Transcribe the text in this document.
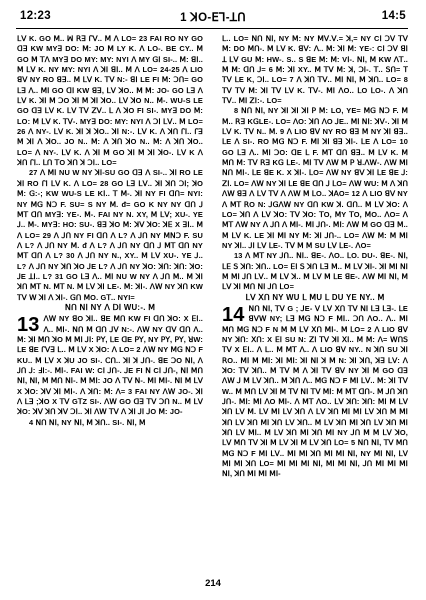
12:23	1 ꓘO-ꓰꓶ-ꓕꓵ	14:5

ꓡꓦ K. GO ꓟ.. ꟽ ꓣꓱ ꓩꓦ.. ꓟ ꓥ LO= 23 FAI RO NY GO ꓷꓱ KW MYꓱ DO: ꓟ: JO ꓟ LY K. ꓥ LO-. BE CY.. ꓟ GO ꓟ ꓔꓥ MYꓱ DO MY: MY: NYI ꓥ MY ꓖꓲ SI-.. ꓟ: ꓭꓲ.. ꓟ ꓡꓦ K. NY MY: NYI ꓥ ꓘꓲ ꓭꓲ.. ꓟ ꓥ LO= 24-25 ꓥ LIO ꓭꓦ NY RO ꓭꓱ.. ꓟ ꓡꓦ K. ꓔꓦ N:- ꓭꓲ LE FI ꓟ: ꓛꓵ= GO ꓡꓱ ꓥ.. ꓟꓲ GO ꓷꓲ KW ꓭꓱ, ꓡꓦ ꓘO.. ꓟ ꓟ: JO- GO ꓡꓱ ꓥ ꓡꓦ K. ꓘꓲ ꓟ ꓛO ꓘꓲ ꓟ ꓘꓲ ꓘO.. ꓡꓦ ꓘO N.. ꓟ-. WU-S LE GO ꓷꓱ ꓡꓦ K. ꓡꓦ ꓔꓦ ꓜꓦ.. ꓡ ꓥ ꓘO FI SI-. MYꓱ DO ꓟ: LO: ꓟ ꓡꓦ K. ꓔꓦ-. MYꓱ DO: MY: NYI ꓥ ꓛꓲ ꓡꓦ.. ꓟ LO= 26 ꓥ NY-. ꓡꓦ K. ꓘꓲ ꓘ ꓘO.. ꓘꓲ N:-. ꓡꓦ K. ꓥ ꓘꓵ ꓩꓲ.. ꓩꓱ ꓟ ꓘꓲ ꓥ ꓘO.. JO N.. ꓟ: ꓥ ꓘꓵ ꓘO N.. ꓟ: ꓥ ꓘꓵ ꓘO.. LO= ꓥ NY-. ꓡꓦ K. ꓥ ꓘꓲ ꓟ GO ꓘꓲ ꓟ ꓘꓲ ꓘO-. ꓡꓦ K ꓥ ꓘꓵ ꓩꓲ.. ꓡꓵ ꓔO ꓘꓵ ꓘ ꓛꓲ.. LO=

27 ꓥ ꓟꓲ NU W NY ꓘꓲ-SU GO ꓷꓱ ꓥ SI-.. ꓘꓲ RO LE ꓘꓲ RO ꓩꓲ ꓡꓦ K. ꓥ LO= 28 GO ꓡꓱ ꓡꓦ.. ꓘꓲ ꓘꓵ ꓛꓲ; ꓘO ꓟ: ꓖ:-; KW WU-S LE Kꓲ.. ꓔ ꓟ-. ꓘꓲ NY FI ꓷꓵ= NYI: NY ꓟꓖ ꓠꓛ F. SU= S NY ꓟ. ᵭ= GO K NY NY ꓷꓵ ꓙ ꓟꓔ ꓷꓵ MYꓱ: YE-. ꓟ-. FAI NY N. XY, ꓟ ꓡꓦ; XU-. YE ꓙ.. ꓟ-. MYꓱ: HO: SU-. ꓭꓱ ꓘO ꓟ: ꓘꓦ ꓘO: ꓘꓰ X ꓱꓲ.. ꓟ ꓥ LO= 29 ꓥ ꓙꓵ NY FI ꓷꓵ ꓥ L? ꓥ ꓙꓵ NY ꓟꓠꓛ F. SU ꓥ L? ꓥ ꓙꓵ NY ꓟ. ᵭ ꓥ L? ꓥ ꓙꓵ NY ꓷꓵ ꓙ ꓟꓔ ꓷꓵ NY ꓟꓔ ꓷꓵ ꓥ L? 30 ꓥ ꓙꓵ NY N., XY.. ꓟ ꓡꓦ XU-. YE ꓙ.. L? ꓥ ꓙꓵ NY ꓘꓵ ꓘO ꓙE L? ꓥ ꓙꓵ NY ꓘO: ꓘꓵ: ꓘꓵ: ꓘO: ꓙE ꓕꓲ.. L? 31 GO ꓡꓱ ꓥ.. ꓟꓲ NU W NY ꓥ ꓙꓵ ꓟ.. ꓟ ꓘꓲ ꓘꓵ ꓟꓔ N. ꓟꓔ N. ꓟ ꓡꓦ ꓘꓲ LE-. ꓟ: ꓘꓲ-. ꓥꓪ NY ꓘꓵ KW ꓔꓦ ꓪ ꓘꓲ ꓥ ꓘꓲ-. ꓖꓵ ꓟO. Gꓔ.. NYI=

ꓠꓵ ꓠꓲ NY ꓥ ꓓꓲ WU:-. ꓟ

13 ꓥꓪ NY ꓭO ꓘꓲ.. ꓭE ꓟꓵ KW FI ꓷꓵ ꓘO: X ꓰꓲ.. ꓥ.. ꓟꓲ-. ꓠꓵ ꓟ ꓷꓵ ꓙꓦ N:-. ꓥꓪ NY ꓷꓦ ꓷꓵ ꓥ.. ꓟ: ꓘꓲ ꓟꓵ ꓘO ꓟ ꓟꓲ ꓙꓲ: ꓑꓬ, ꓡE ꓷE ꓑꓬ, NY ꓑꓬ, ꓑꓬ, ꓤW: ꓡE ꓭE ꓩꓦꓱ ꓡ.. ꓟ ꓡꓦ X ꓘO: ꓥ LO= 2 ꓥꓪ NY ꓟꓖ ꓠꓛ F KU.. ꓟ ꓡꓦ X ꓘU JO SI-. ꓚꓵ.. ꓘꓲ ꓘ ꓙꓵ-. ꓭE ꓛO ꓠꓲ, ꓥ ꓙꓵ ꓙ: ꓞꓲ:-. ꓟꓲ-. FAI W: Cꓲ ꓙꓵ-. ꓙE FI ꓠ Cꓲ ꓙꓵ-, ꓠꓲ ꓟꓵ ꓠꓲ, ꓠꓲ, ꓟ ꓟꓵ ꓠꓲ-. ꓟ ꓟꓲ: JO ꓥ ꓔꓦ ꓠ-. ꓟꓲ ꓟꓲ-. ꓠꓲ ꓟ ꓡꓦ X ꓘO: ꓘꓦ ꓘꓲ ꓟꓲ-. ꓥ ꓘꓵ: ꓟ: ꓥ= 3 FAI NY ꓥꓪ JO-. ꓘꓲ ꓥ ꓡꓱ ;ꓘO X ꓔꓦ GꓔZ SI-. ꓥꓪ GO ꓷꓱ ꓔꓦ ꓛꓵ N.. ꓟ ꓡꓦ ꓘO: ꓘꓦ ꓘꓵ ꓘꓦ ꓛꓲ.. ꓘꓲ ꓥꓪ ꓔꓦ ꓥ ꓘꓲ ꓙꓲ ꓙO ꓟ: JO-

4 ꓠꓵ ꓠꓲ, NY ꓠꓲ, ꓟ ꓘꓵ.. SI-. ꓠꓲ, ꓟ

ꓡ.. LO= ꓠꓵ ꓠꓲ, NY ꓟ: NY ꓟꓦ.ꓦ.= ꓘ,= NY Cꓲ ꓛꓦ ꓔꓦ ꓟ: DO ꓟꓵ-. ꓟ ꓡꓦ K. ꓭꓦ: ꓥ.. ꓟ: ꓘꓲ ꓟ: YE-: Cꓲ ꓛꓦ ꓭꓲ ꓕ ꓡꓦ GU ꓟ: HW-. S.. S ꓭE ꓟ: ꓟ: Vꓲ-. ꓠꓲ, ꓟ KW ꓥꓔ.. ꓟ ꓟ: ꓷꓵ ꓙ= 6 ꓟ: ꓘꓲ XY.. ꓟ ꓔꓦ ꓟ: ꓘ, ꓛꓲ-. ꓔ.. ꓢꓵ= ꓔ ꓔꓦ ꓡE K, ꓛꓲ.. LO= 7 ꓥ ꓘꓵ ꓔꓦ.. ꓟꓲ ꓠꓲ, ꓟ ꓘꓵ.. LO= 8 ꓔꓦ ꓔꓦ ꓟ: ꓘꓲ ꓔꓦ ꓡꓦ K. ꓔꓦ-. ꓟꓲ ꓥO.. ꓡO ꓡO-. ꓥ ꓘꓵ ꓔꓦ.. ꓟꓲ ꓜꓲ:-. LO=

8 ꓠꓵ ꓠꓲ, NY ꓘꓲ ꓘꓲ ꓘꓲ ꓑ ꓟ: LO, YE= ꓟꓖ ꓠꓛ F. ꓟ ꓟ.. ꓣꓱ KꓖLE-. LO= ꓥO: ꓘꓵ ꓥO ꓙE.. ꓟꓲ ꓠꓲ: ꓘꓦ-. ꓘꓲ ꓟ ꓡꓦ K. ꓔꓦ N.. ꓟ. 9 ꓥ LIO ꓭꓦ NY RO ꓭꓱ ꓟ NY ꓘꓲ ꓭꓱ.. ꓡE ꓥ SI-. RO ꓟꓖ ꓠꓛ F. ꓟꓲ ꓘꓲ ꓭꓱ ꓘꓲ-. ꓡE ꓥ LO= 10 GO ꓡꓱ ꓥ.. ꓟꓲ ꓛO: ꓷE ꓡ F. ꓟꓔ ꓷꓵ ꓭꓱ.. ꓟ ꓡꓦ K. ꓟ ꓟꓵ ꓟ: ꓔꓦ ꓣꓱ Kꓖ ꓡE-. ꓟꓲ ꓔꓦ ꓥꓪ ꓟ ꓑ ꓤ.ꓥꓪ-. ꓥꓪ ꓟꓲ ꓠꓵ ꓟꓲ-. ꓡE ꓭE K. X ꓘꓲ-. ꓡO= ꓥꓪ NY ꓭꓦ ꓘꓲ ꓡE ꓭE ꓙ: ꓜꓲ. LO= ꓥꓪ NY ꓘꓲ ꓡE ꓭE ꓷꓵ ꓙ ꓡO= ꓥꓪ WU: ꓟ ꓥ ꓘꓵ ꓥꓪ ꓭꓱ ꓥ ꓡꓦ ꓔꓦ ꓥ ꓥꓪ ꓟ ꓡO.. ꓘꓮO= 12 ꓥ LIO ꓭꓦ NY ꓥ ꓟꓔ ꓣO N: ꓙꓖꓥꓪ NY ꓷꓵ KW ꓘ. ꓷꓵ.. ꓟ ꓡꓦ ꓘO: ꓥ LO= ꓘꓵ ꓥ ꓡꓦ ꓘO: ꓔꓦ ꓘO: ꓔO, ꓟY ꓔO, ꓟO.. ꓥO= ꓥ ꓟꓔ ꓥꓪ NY ꓥ ꓙꓵ ꓥ ꓟꓲ-. ꓟꓲ ꓙꓵ-. ꓟꓲ: ꓥꓪ ꓟ GO ꓷꓱ ꓟ.. ꓟ ꓡꓦ K. LE ꓘꓲ ꓟꓲ NY ꓟ: ꓘꓲ ꓙꓵ-.. LO= ꓥꓪ ꓟ: ꓟ ꓟꓲ NY ꓘꓲ.. ꓙꓲ ꓡꓦ ꓡE-. ꓔꓦ ꓟ ꓟ SU ꓡꓦ ꓡE-. ꓥO=

13 ꓥ ꓟꓔ NY ꓙꓵ.. ꓠꓲ.. ꓭE-. ꓥO.. ꓡO. DU-. ꓭE-. ꓠꓲ, ꓡꓰ ꓢ ꓘꓵ: ꓘꓵ.. LO= ꓰꓲ ꓢ ꓘꓵ ꓡꓱ ꓟ.. ꓟ ꓡꓦ ꓘꓲ-. ꓘꓲ ꓟꓲ ꓠꓲ ꓟ ꓟꓲ ꓙꓵ ꓡꓦ.. ꓟ ꓡꓦ ꓘ.. ꓟ ꓡꓦ ꓟ ꓡE ꓭE-. ꓥꓪ ꓟꓲ ꓠꓲ, ꓟ ꓡꓦ ꓘꓲ ꓟꓵ ꓠꓲ ꓙꓵ ꓡO=

ꓡꓦ ꓫꓵ NY WU ꓡ ꓟU ꓡ DU YE NY.. ꓟ

14 ꓠꓵ ꓠꓲ, ꓔꓦ G ; ꓙE- ꓦ ꓡꓦ ꓫꓵ ꓔꓦ ꓠꓲ ꓡꓱ ꓡꓱ-. ꓡE ꓭꓦꓪ NY; ꓡꓱ ꓟꓖ ꓠꓛ F ꓟꓲ.. ꓛꓵ ꓥO.. ꓥ.. ꓟꓲ ꓟꓵ ꓟꓖ ꓠꓛ F N ꓟ ꓟ ꓡꓦ ꓫꓵ ꓟꓲ-. ꓟ ꓡO= 2 ꓥ LIO ꓭꓦ NY ꓘꓵ: ꓫꓵ: X ꓰꓲ SU N: ꓜꓲ ꓔꓦ ꓘꓲ ꓫꓲ.. ꓟ ꓟ: ꓥ= ꓪꓵꓢ ꓔꓦ X ꓰꓲ.. ꓥ ꓡ.. ꓟ ꓟꓔ ꓥ.. ꓥ LIO ꓭꓦ NY.. N ꓘꓵ SU ꓘꓲ ꓣO.. ꓟꓲ ꓟ ꓟꓲ: ꓘꓲ ꓟꓲ: ꓘꓲ ꓠꓲ ꓘ ꓟ N: ꓘꓲ ꓘꓵ, ꓘꓱ ꓡꓦ: ꓥ ꓘO: ꓔꓦ ꓘꓵ.. ꓟ ꓔꓦ ꓟ ꓥ ꓘꓲ ꓔꓦ ꓭꓦ NY ꓘꓲ ꓟ GO ꓷꓱ ꓥꓪ ꓙ ꓟ ꓡꓦ ꓘꓵ.. ꓟ ꓘꓵ ꓥ.. ꓟꓖ ꓠꓛ F ꓟꓲ ꓡꓦ.. ꓟ: ꓘꓲ ꓔꓦ W.. ꓟ ꓟꓵ ꓡꓦ ꓘꓲ ꓟ ꓔꓦ ꓠꓲ ꓔꓦ ꓟꓲ: ꓟ ꓟꓔ ꓷꓵ-. ꓟ ꓙꓵ ꓘꓵ ꓙꓵ-. ꓟꓲ: ꓟꓲ ꓥO ꓟꓲ-. ꓥ ꓟꓔ ꓥO.. ꓡꓦ ꓘꓵ: ꓘꓵ: ꓟꓲ ꓟ ꓡꓦ ꓘꓵ ꓡꓦ ꓟ. ꓡꓦ ꓟꓲ ꓡꓦ ꓘꓵ ꓥ ꓡꓦ ꓘꓵ ꓟꓲ ꓟꓲ ꓡꓦ ꓘꓵ ꓟ ꓟꓲ ꓘꓵ ꓡꓦ ꓘꓵ ꓟꓲ ꓘꓵ ꓡꓦ ꓘꓵ.. ꓟ ꓡꓦ ꓘꓵ ꓟꓲ ꓘꓵ ꓡꓦ ꓘꓵ ꓟꓲ ꓘꓵ ꓡꓦ ꓟꓲ.. ꓟ ꓡꓦ ꓘꓵ ꓟꓲ ꓘꓵ ꓟꓲ NY ꓙꓵ ꓟ ꓟ ꓡꓦ ꓘO, ꓡꓦ ꓟꓵ ꓔꓦ ꓘꓲ ꓟ ꓡꓦ ꓘꓲ ꓟ ꓡꓦ ꓘꓵ ꓡO= 5 ꓠꓵ ꓠꓲ, ꓔꓦ ꓟꓵ ꓟꓖ ꓠꓛ F ꓟꓲ ꓡꓦ.. ꓟꓲ ꓟꓲ ꓘꓵ ꓟꓲ ꓟꓲ ꓠꓲ, NY ꓟꓲ ꓠꓲ, ꓡꓦ ꓟꓲ ꓟꓲ ꓘꓵ ꓡO= ꓟꓲ ꓟꓲ ꓟꓲ ꓠꓲ, ꓟꓲ ꓟꓲ ꓠꓲ, ꓙꓵ ꓟꓲ ꓟꓲ ꓟꓲ ꓠꓲ, ꓘꓵ ꓟꓲ ꓟꓲ ꓟꓲ-

214
